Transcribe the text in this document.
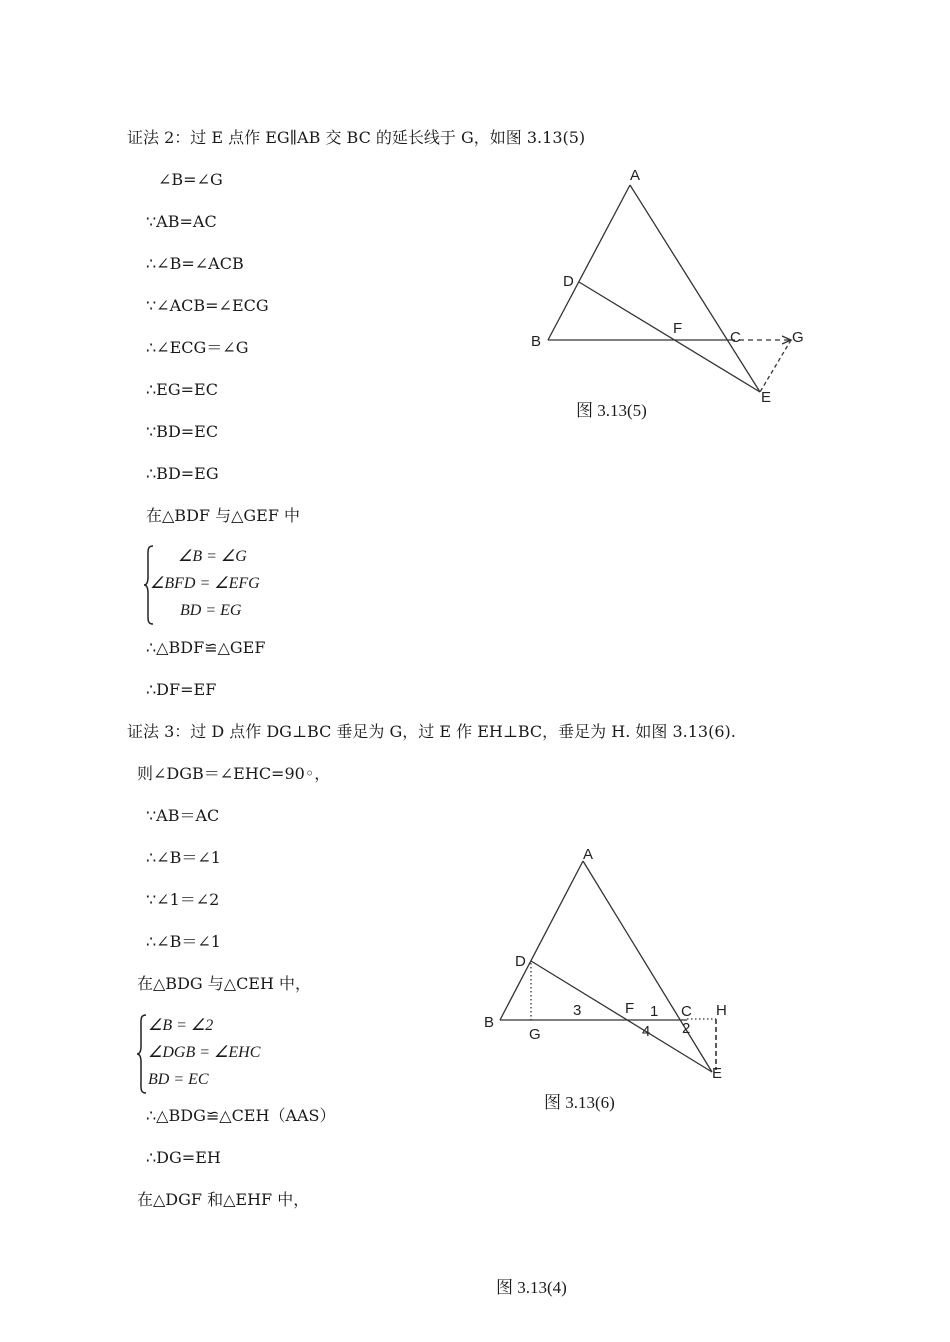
证法 2：过 E 点作 EG∥AB 交 BC 的延长线于 G，如图 3.13(5)
∠B=∠G
∵AB=AC
∴∠B=∠ACB
∵∠ACB=∠ECG
∴∠ECG＝∠G
∴EG=EC
∵BD=EC
∴BD=EG
在△BDF 与△GEF 中
∠B = ∠G
∠BFD = ∠EFG
BD = EG
∴△BDF≌△GEF
∴DF=EF
证法 3：过 D 点作 DG⊥BC 垂足为 G，过 E 作 EH⊥BC，垂足为 H. 如图 3.13(6).
则∠DGB＝∠EHC=90◦，
∵AB＝AC
∴∠B＝∠1
∵∠1＝∠2
∴∠B＝∠1
在△BDG 与△CEH 中，
∠B = ∠2
∠DGB = ∠EHC
BD = EC
∴△BDG≌△CEH（AAS）
∴DG=EH
在△DGF 和△EHF 中，
A
D
F
B	C	G
E
图 3.13(5)
A
D
B
G
3	F 1 C H
4 2
E
图 3.13(6)
图 3.13(4)
